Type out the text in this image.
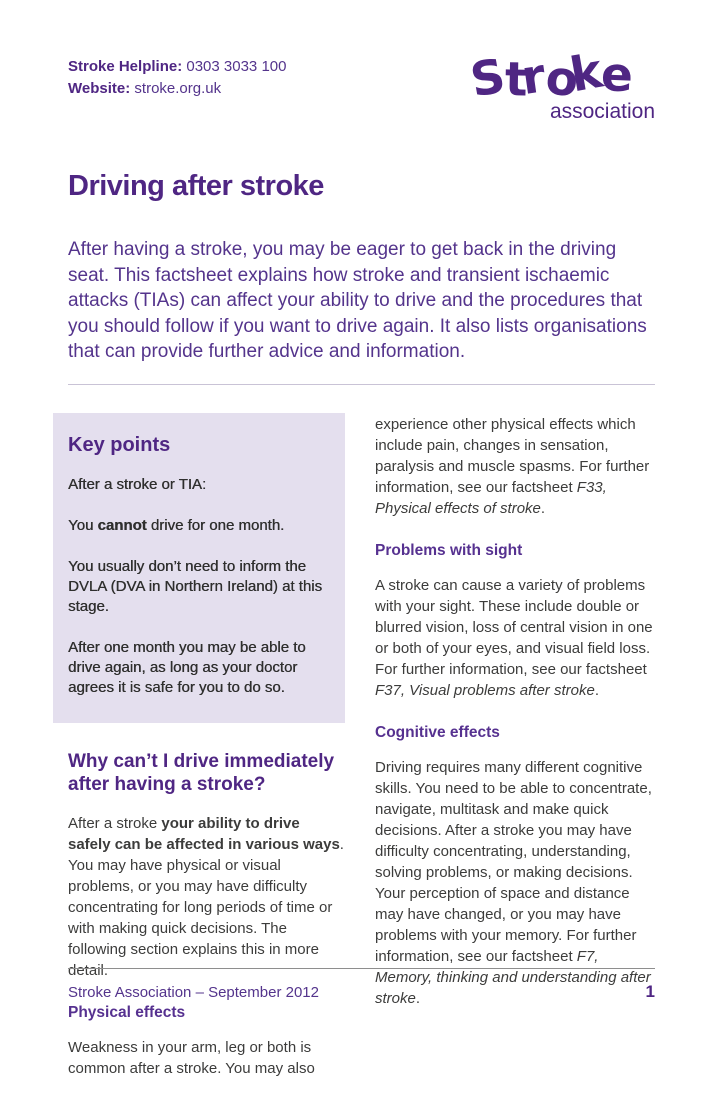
Stroke Helpline: 0303 3033 100
Website: stroke.org.uk	Stroke
association
Driving after stroke

After having a stroke, you may be eager to get back in the driving seat. This factsheet explains how stroke and transient ischaemic attacks (TIAs) can affect your ability to drive and the procedures that you should follow if you want to drive again. It also lists organisations that can provide further advice and information.

Key points

After a stroke or TIA:

You cannot drive for one month.

You usually don’t need to inform the DVLA (DVA in Northern Ireland) at this stage.

After one month you may be able to drive again, as long as your doctor agrees it is safe for you to do so.

Why can’t I drive immediately after having a stroke?

After a stroke your ability to drive safely can be affected in various ways. You may have physical or visual problems, or you may have difficulty concentrating for long periods of time or with making quick decisions. The following section explains this in more detail.

Physical effects

Weakness in your arm, leg or both is common after a stroke. You may also

experience other physical effects which include pain, changes in sensation, paralysis and muscle spasms. For further information, see our factsheet F33, Physical effects of stroke.

Problems with sight

A stroke can cause a variety of problems with your sight. These include double or blurred vision, loss of central vision in one or both of your eyes, and visual field loss. For further information, see our factsheet F37, Visual problems after stroke.

Cognitive effects

Driving requires many different cognitive skills. You need to be able to concentrate, navigate, multitask and make quick decisions. After a stroke you may have difficulty concentrating, understanding, solving problems, or making decisions. Your perception of space and distance may have changed, or you may have problems with your memory. For further information, see our factsheet F7, Memory, thinking and understanding after stroke.

Stroke Association – September 2012	1
